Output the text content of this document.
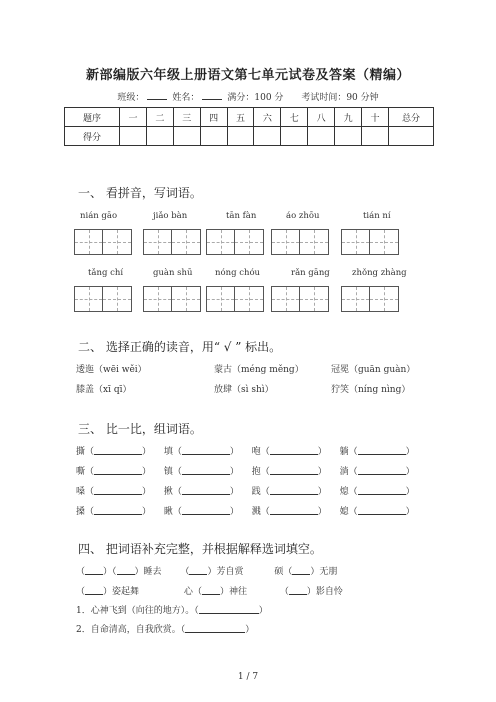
新部编版六年级上册语文第七单元试卷及答案（精编）
班级：	姓名：	满分：100 分 考试时间：90 分钟
题序	一	二	三	四	五	六	七	八	九	十	总分
得分											
一、 看拼音，写词语。
nián gāo	jiǎo bàn	tān fàn	áo zhōu	tián ní
tǎng chí	guàn shū	nóng chóu	rǎn gāng	zhǒng zhàng
二、 选择正确的读音，用“ √ ” 标出。
逶迤（wēi wěi）	蒙古（méng měng）	冠冕（guān guàn）
膝盖（xī qī）	放肆（sì shì）	狞笑（níng nìng）
三、 比一比，组词语。
撕（	） 填（	） 咆（	） 躺（	）
嘶（	） 镇（	） 抱（	） 淌（	）
嗓（	） 揪（	） 践（	） 熄（	）
搡（	） 瞅（	） 溅（	） 媳（	）
四、 把词语补充完整，并根据解释选词填空。
（ ）（ ）睡去 （ ）芳自赏	硕（ ）无朋
（ ）姿起舞	心（ ）神往	（ ）影自怜
1．心神飞到（向往的地方）。（	）
2．自命清高，自我欣赏。（	）
1 / 7
